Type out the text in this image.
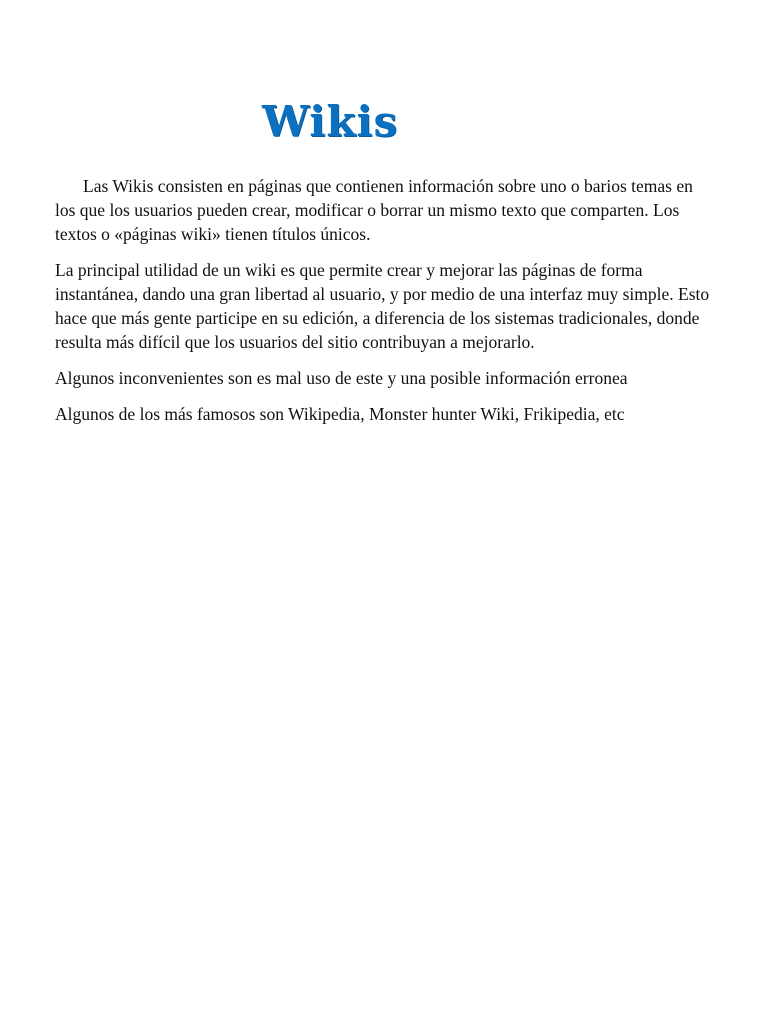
Wikis

Las Wikis consisten en páginas que contienen información sobre uno o barios temas en los que los usuarios pueden crear, modificar o borrar un mismo texto que comparten. Los textos o «páginas wiki» tienen títulos únicos.

La principal utilidad de un wiki es que permite crear y mejorar las páginas de forma instantánea, dando una gran libertad al usuario, y por medio de una interfaz muy simple. Esto hace que más gente participe en su edición, a diferencia de los sistemas tradicionales, donde resulta más difícil que los usuarios del sitio contribuyan a mejorarlo.

Algunos inconvenientes son es mal uso de este y una posible información erronea

Algunos de los más famosos son Wikipedia, Monster hunter Wiki, Frikipedia, etc
